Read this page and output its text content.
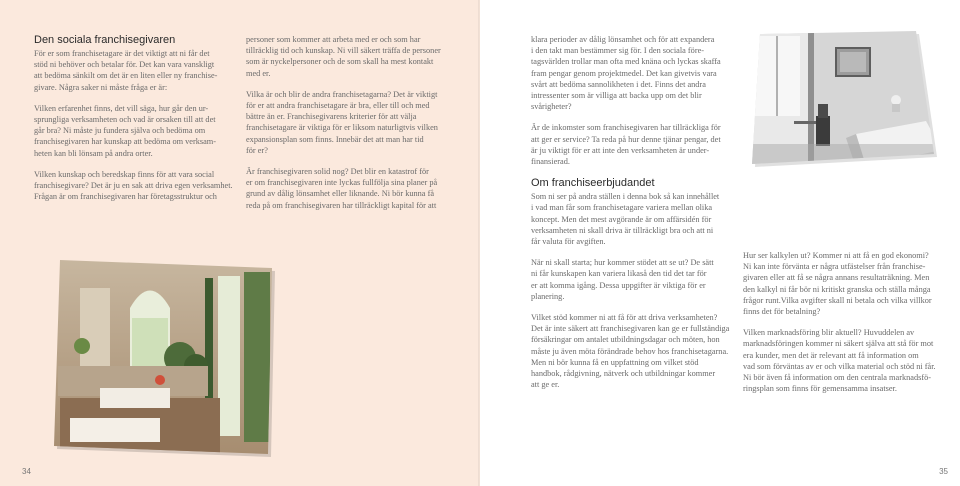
Den sociala franchisegivaren

För er som franchisetagare är det viktigt att ni får det
stöd ni behöver och betalar för. Det kan vara vanskligt
att bedöma sänkilt om det är en liten eller ny franchise-
givare. Några saker ni måste fråga er är:

Vilken erfarenhet finns, det vill säga, hur går den ur-
sprungliga verksamheten och vad är orsaken till att det
går bra? Ni måste ju fundera själva och bedöma om
franchisegivaren har kunskap att bedöma om verksam-
heten kan bli lönsam på andra orter.

Vilken kunskap och beredskap finns för att vara social
franchisegivare? Det är ju en sak att driva egen verksamhet.
Frågan är om franchisegivaren har företagsstruktur och

personer som kommer att arbeta med er och som har
tillräcklig tid och kunskap. Ni vill säkert träffa de personer
som är nyckelpersoner och de som skall ha mest kontakt
med er.

Vilka är och blir de andra franchisetagarna? Det är viktigt
för er att andra franchisetagare är bra, eller till och med
bättre än er. Franchisegivarens kriterier för att välja
franchisetagare är viktiga för er liksom naturligtvis vilken
expansionsplan som finns. Innebär det att man har tid
för er?

Är franchisegivaren solid nog? Det blir en katastrof för
er om franchisegivaren inte lyckas fullfölja sina planer på
grund av dålig lönsamhet eller liknande. Ni bör kunna få
reda på om franchisegivaren har tillräckligt kapital för att

34

klara perioder av dålig lönsamhet och för att expandera
i den takt man bestämmer sig för. I den sociala före-
tagsvärlden trollar man ofta med knäna och lyckas skaffa
fram pengar genom projektmedel. Det kan givetvis vara
svårt att bedöma sannolikheten i det. Finns det andra
intressenter som är villiga att backa upp om det blir
svårigheter?

Är de inkomster som franchisegivaren har tillräckliga för
att ger er service? Ta reda på hur denne tjänar pengar, det
är ju viktigt för er att inte den verksamheten är under-
finansierad.

Om franchiseerbjudandet

Som ni ser på andra ställen i denna bok så kan innehållet
i vad man får som franchisetagare variera mellan olika
koncept. Men det mest avgörande är om affärsidén för
verksamheten ni skall driva är tillräckligt bra och att ni
får valuta för avgiften.

När ni skall starta; hur kommer stödet att se ut? De sätt
ni får kunskapen kan variera likaså den tid det tar för
er att komma igång. Dessa uppgifter är viktiga för er
planering.

Vilket stöd kommer ni att få för att driva verksamheten?
Det är inte säkert att franchisegivaren kan ge er fullständiga
försäkringar om antalet utbildningsdagar och möten, hon
måste ju även möta förändrade behov hos franchisetagarna.
Men ni bör kunna få en uppfattning om vilket stöd
handbok, rådgivning, nätverk och utbildningar kommer
att ge er.

Hur ser kalkylen ut? Kommer ni att få en god ekonomi?
Ni kan inte förvänta er några utfästelser från franchise-
givaren eller att få se några annans resultaträkning. Men
den kalkyl ni får bör ni kritiskt granska och ställa många
frågor runt.Vilka avgifter skall ni betala och vilka villkor
finns det för betalning?

Vilken marknadsföring blir aktuell? Huvuddelen av
marknadsföringen kommer ni säkert själva att stå för mot
era kunder, men det är relevant att få information om
vad som förväntas av er och vilka material och stöd ni får.
Ni bör även få information om den centrala marknadsfö-
ringsplan som finns för gemensamma insatser.

35
